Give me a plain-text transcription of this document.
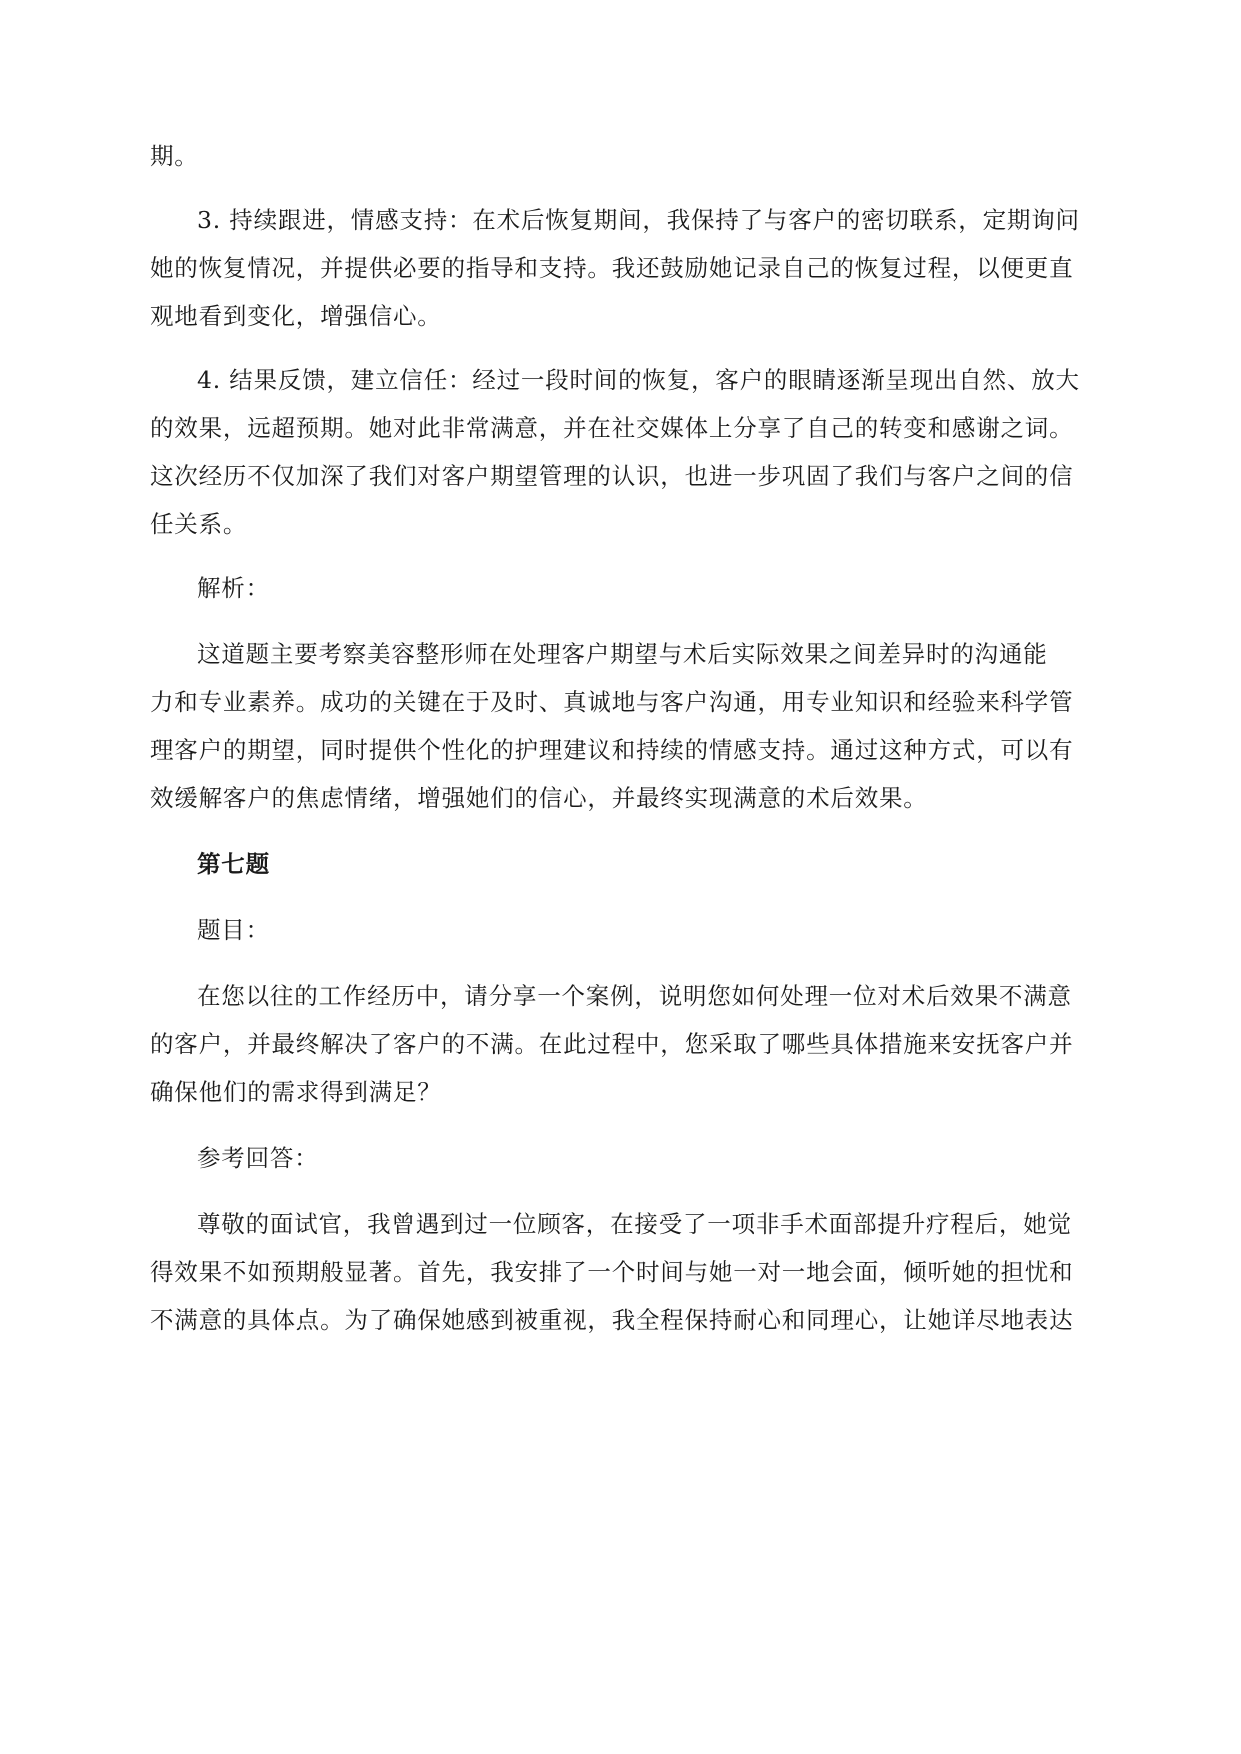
期。
3. 持续跟进，情感支持：在术后恢复期间，我保持了与客户的密切联系，定期询问
她的恢复情况，并提供必要的指导和支持。我还鼓励她记录自己的恢复过程，以便更直
观地看到变化，增强信心。
4. 结果反馈，建立信任：经过一段时间的恢复，客户的眼睛逐渐呈现出自然、放大
的效果，远超预期。她对此非常满意，并在社交媒体上分享了自己的转变和感谢之词。
这次经历不仅加深了我们对客户期望管理的认识，也进一步巩固了我们与客户之间的信
任关系。
解析：
这道题主要考察美容整形师在处理客户期望与术后实际效果之间差异时的沟通能
力和专业素养。成功的关键在于及时、真诚地与客户沟通，用专业知识和经验来科学管
理客户的期望，同时提供个性化的护理建议和持续的情感支持。通过这种方式，可以有
效缓解客户的焦虑情绪，增强她们的信心，并最终实现满意的术后效果。
第七题
题目：
在您以往的工作经历中，请分享一个案例，说明您如何处理一位对术后效果不满意
的客户，并最终解决了客户的不满。在此过程中，您采取了哪些具体措施来安抚客户并
确保他们的需求得到满足？
参考回答：
尊敬的面试官，我曾遇到过一位顾客，在接受了一项非手术面部提升疗程后，她觉
得效果不如预期般显著。首先，我安排了一个时间与她一对一地会面，倾听她的担忧和
不满意的具体点。为了确保她感到被重视，我全程保持耐心和同理心，让她详尽地表达
